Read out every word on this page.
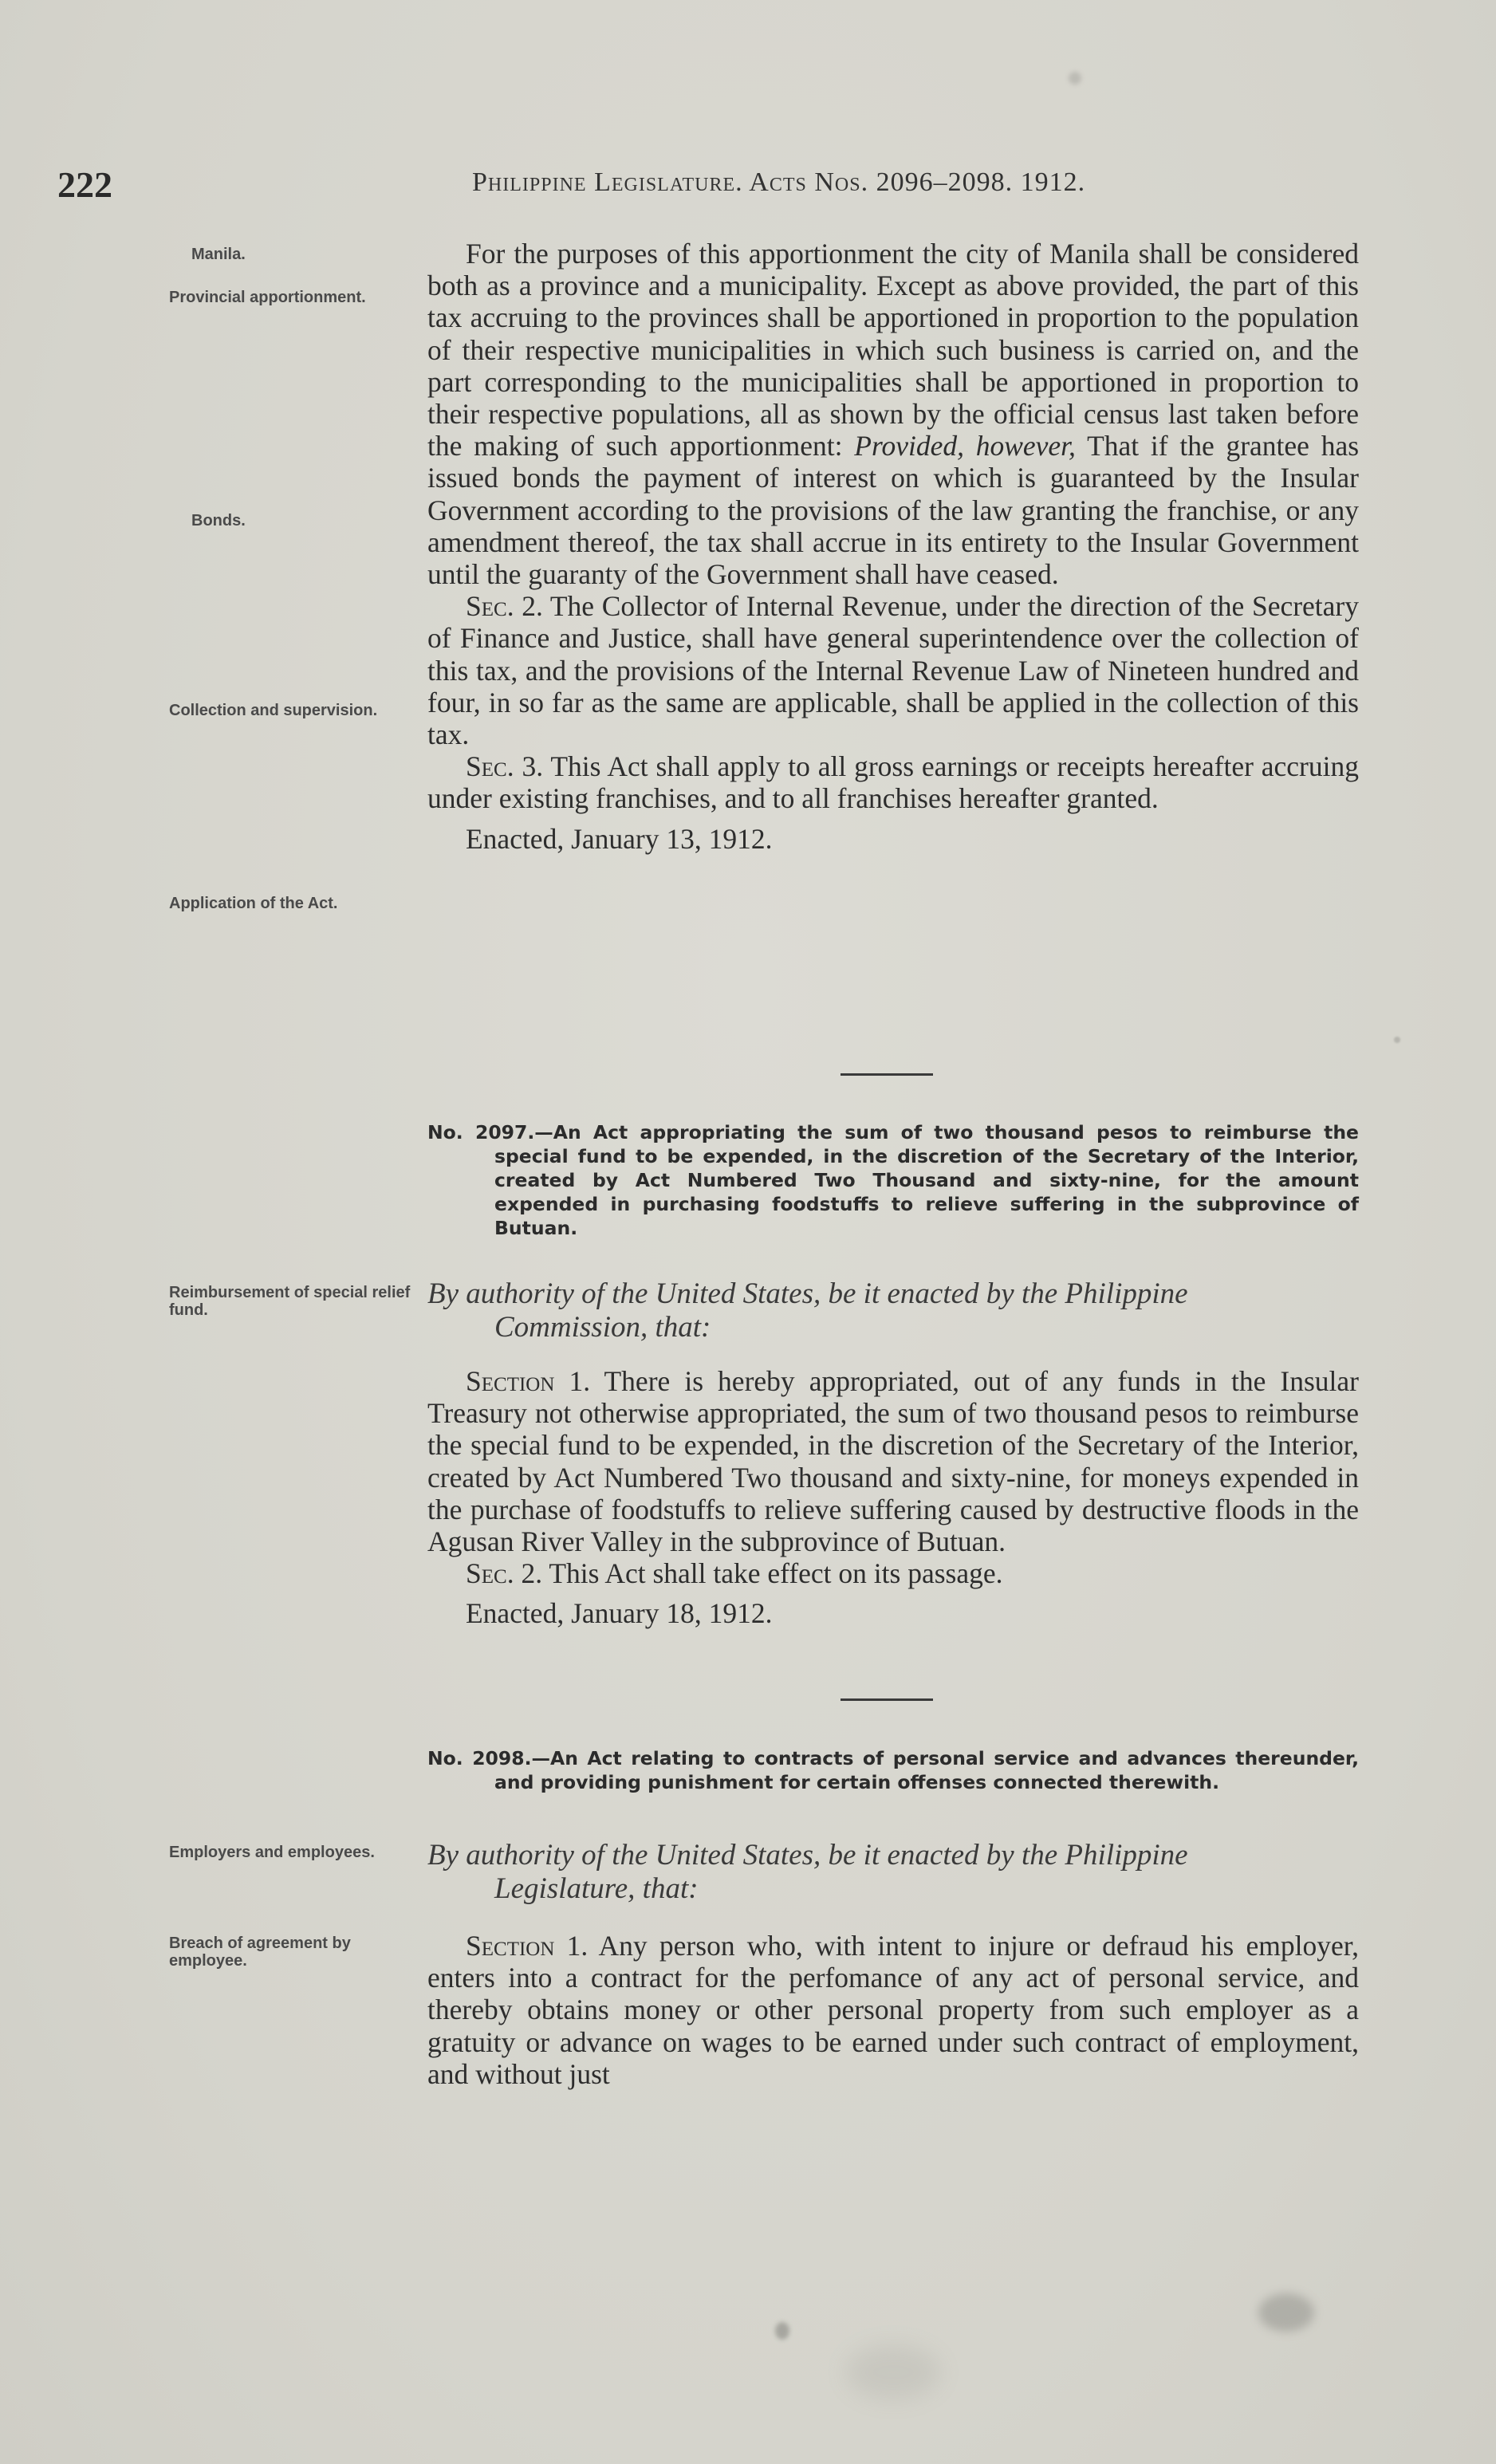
222	Philippine Legislature. Acts Nos. 2096–2098. 1912.
Manila.
Provincial apportionment.
Bonds.
Collection and supervision.
Application of the Act.

For the purposes of this apportionment the city of Manila shall be considered both as a province and a municipality. Except as above provided, the part of this tax accruing to the provinces shall be apportioned in proportion to the population of their respective municipalities in which such business is carried on, and the part corresponding to the municipalities shall be apportioned in proportion to their respective populations, all as shown by the official census last taken before the making of such apportionment: Provided, however, That if the grantee has issued bonds the payment of interest on which is guaranteed by the Insular Government according to the provisions of the law granting the franchise, or any amendment thereof, the tax shall accrue in its entirety to the Insular Government until the guaranty of the Government shall have ceased.

Sec. 2. The Collector of Internal Revenue, under the direction of the Secretary of Finance and Justice, shall have general superintendence over the collection of this tax, and the provisions of the Internal Revenue Law of Nineteen hundred and four, in so far as the same are applicable, shall be applied in the collection of this tax.

Sec. 3. This Act shall apply to all gross earnings or receipts hereafter accruing under existing franchises, and to all franchises hereafter granted.

Enacted, January 13, 1912.

No. 2097.—An Act appropriating the sum of two thousand pesos to reimburse the special fund to be expended, in the discretion of the Secretary of the Interior, created by Act Numbered Two Thousand and sixty-nine, for the amount expended in purchasing foodstuffs to relieve suffering in the subprovince of Butuan.
Reimbursement of special relief fund.	By authority of the United States, be it enacted by the Philippine
Commission, that:

Section 1. There is hereby appropriated, out of any funds in the Insular Treasury not otherwise appropriated, the sum of two thousand pesos to reimburse the special fund to be expended, in the discretion of the Secretary of the Interior, created by Act Numbered Two thousand and sixty-nine, for moneys expended in the purchase of foodstuffs to relieve suffering caused by destructive floods in the Agusan River Valley in the subprovince of Butuan.

Sec. 2. This Act shall take effect on its passage.

Enacted, January 18, 1912.

No. 2098.—An Act relating to contracts of personal service and advances thereunder, and providing punishment for certain offenses connected therewith.
Employers and employees.	By authority of the United States, be it enacted by the Philippine
Legislature, that:
Breach of agreement by employee.	Section 1. Any person who, with intent to injure or defraud his employer, enters into a contract for the perfomance of any act of personal service, and thereby obtains money or other personal property from such employer as a gratuity or advance on wages to be earned under such contract of employment, and without just
